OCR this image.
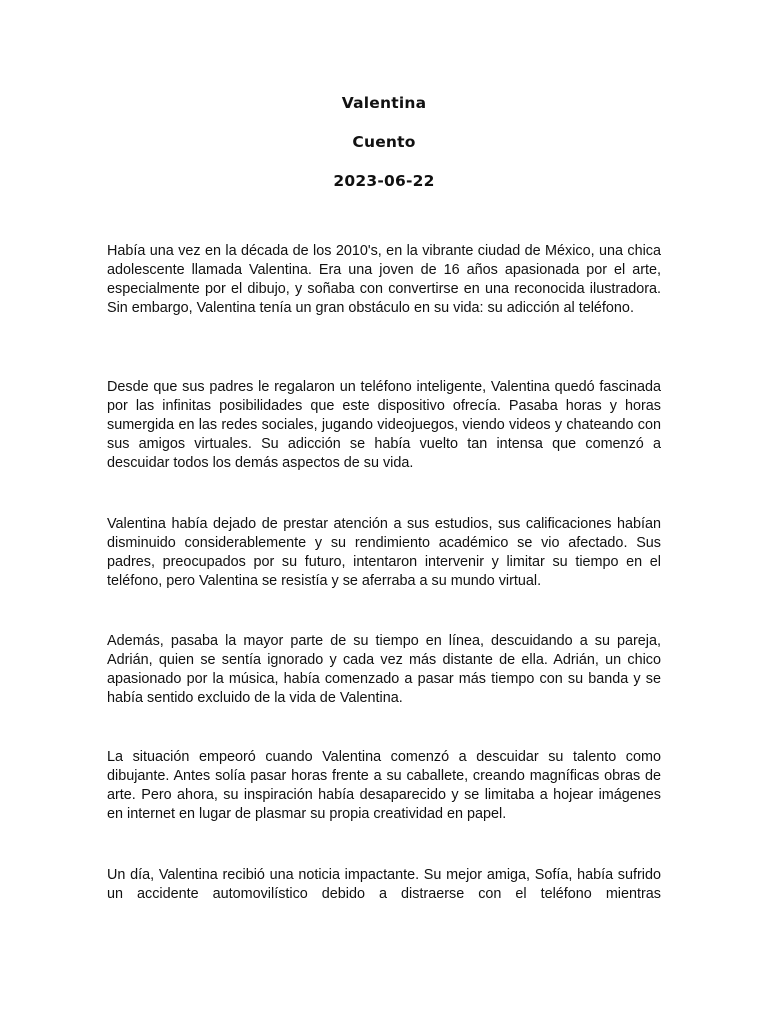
Valentina
Cuento
2023-06-22

Había una vez en la década de los 2010's, en la vibrante ciudad de México, una chica adolescente llamada Valentina. Era una joven de 16 años apasionada por el arte, especialmente por el dibujo, y soñaba con convertirse en una reconocida ilustradora. Sin embargo, Valentina tenía un gran obstáculo en su vida: su adicción al teléfono.

Desde que sus padres le regalaron un teléfono inteligente, Valentina quedó fascinada por las infinitas posibilidades que este dispositivo ofrecía. Pasaba horas y horas sumergida en las redes sociales, jugando videojuegos, viendo videos y chateando con sus amigos virtuales. Su adicción se había vuelto tan intensa que comenzó a descuidar todos los demás aspectos de su vida.

Valentina había dejado de prestar atención a sus estudios, sus calificaciones habían disminuido considerablemente y su rendimiento académico se vio afectado. Sus padres, preocupados por su futuro, intentaron intervenir y limitar su tiempo en el teléfono, pero Valentina se resistía y se aferraba a su mundo virtual.

Además, pasaba la mayor parte de su tiempo en línea, descuidando a su pareja, Adrián, quien se sentía ignorado y cada vez más distante de ella. Adrián, un chico apasionado por la música, había comenzado a pasar más tiempo con su banda y se había sentido excluido de la vida de Valentina.

La situación empeoró cuando Valentina comenzó a descuidar su talento como dibujante. Antes solía pasar horas frente a su caballete, creando magníficas obras de arte. Pero ahora, su inspiración había desaparecido y se limitaba a hojear imágenes en internet en lugar de plasmar su propia creatividad en papel.

Un día, Valentina recibió una noticia impactante. Su mejor amiga, Sofía, había sufrido un accidente automovilístico debido a distraerse con el teléfono mientras
